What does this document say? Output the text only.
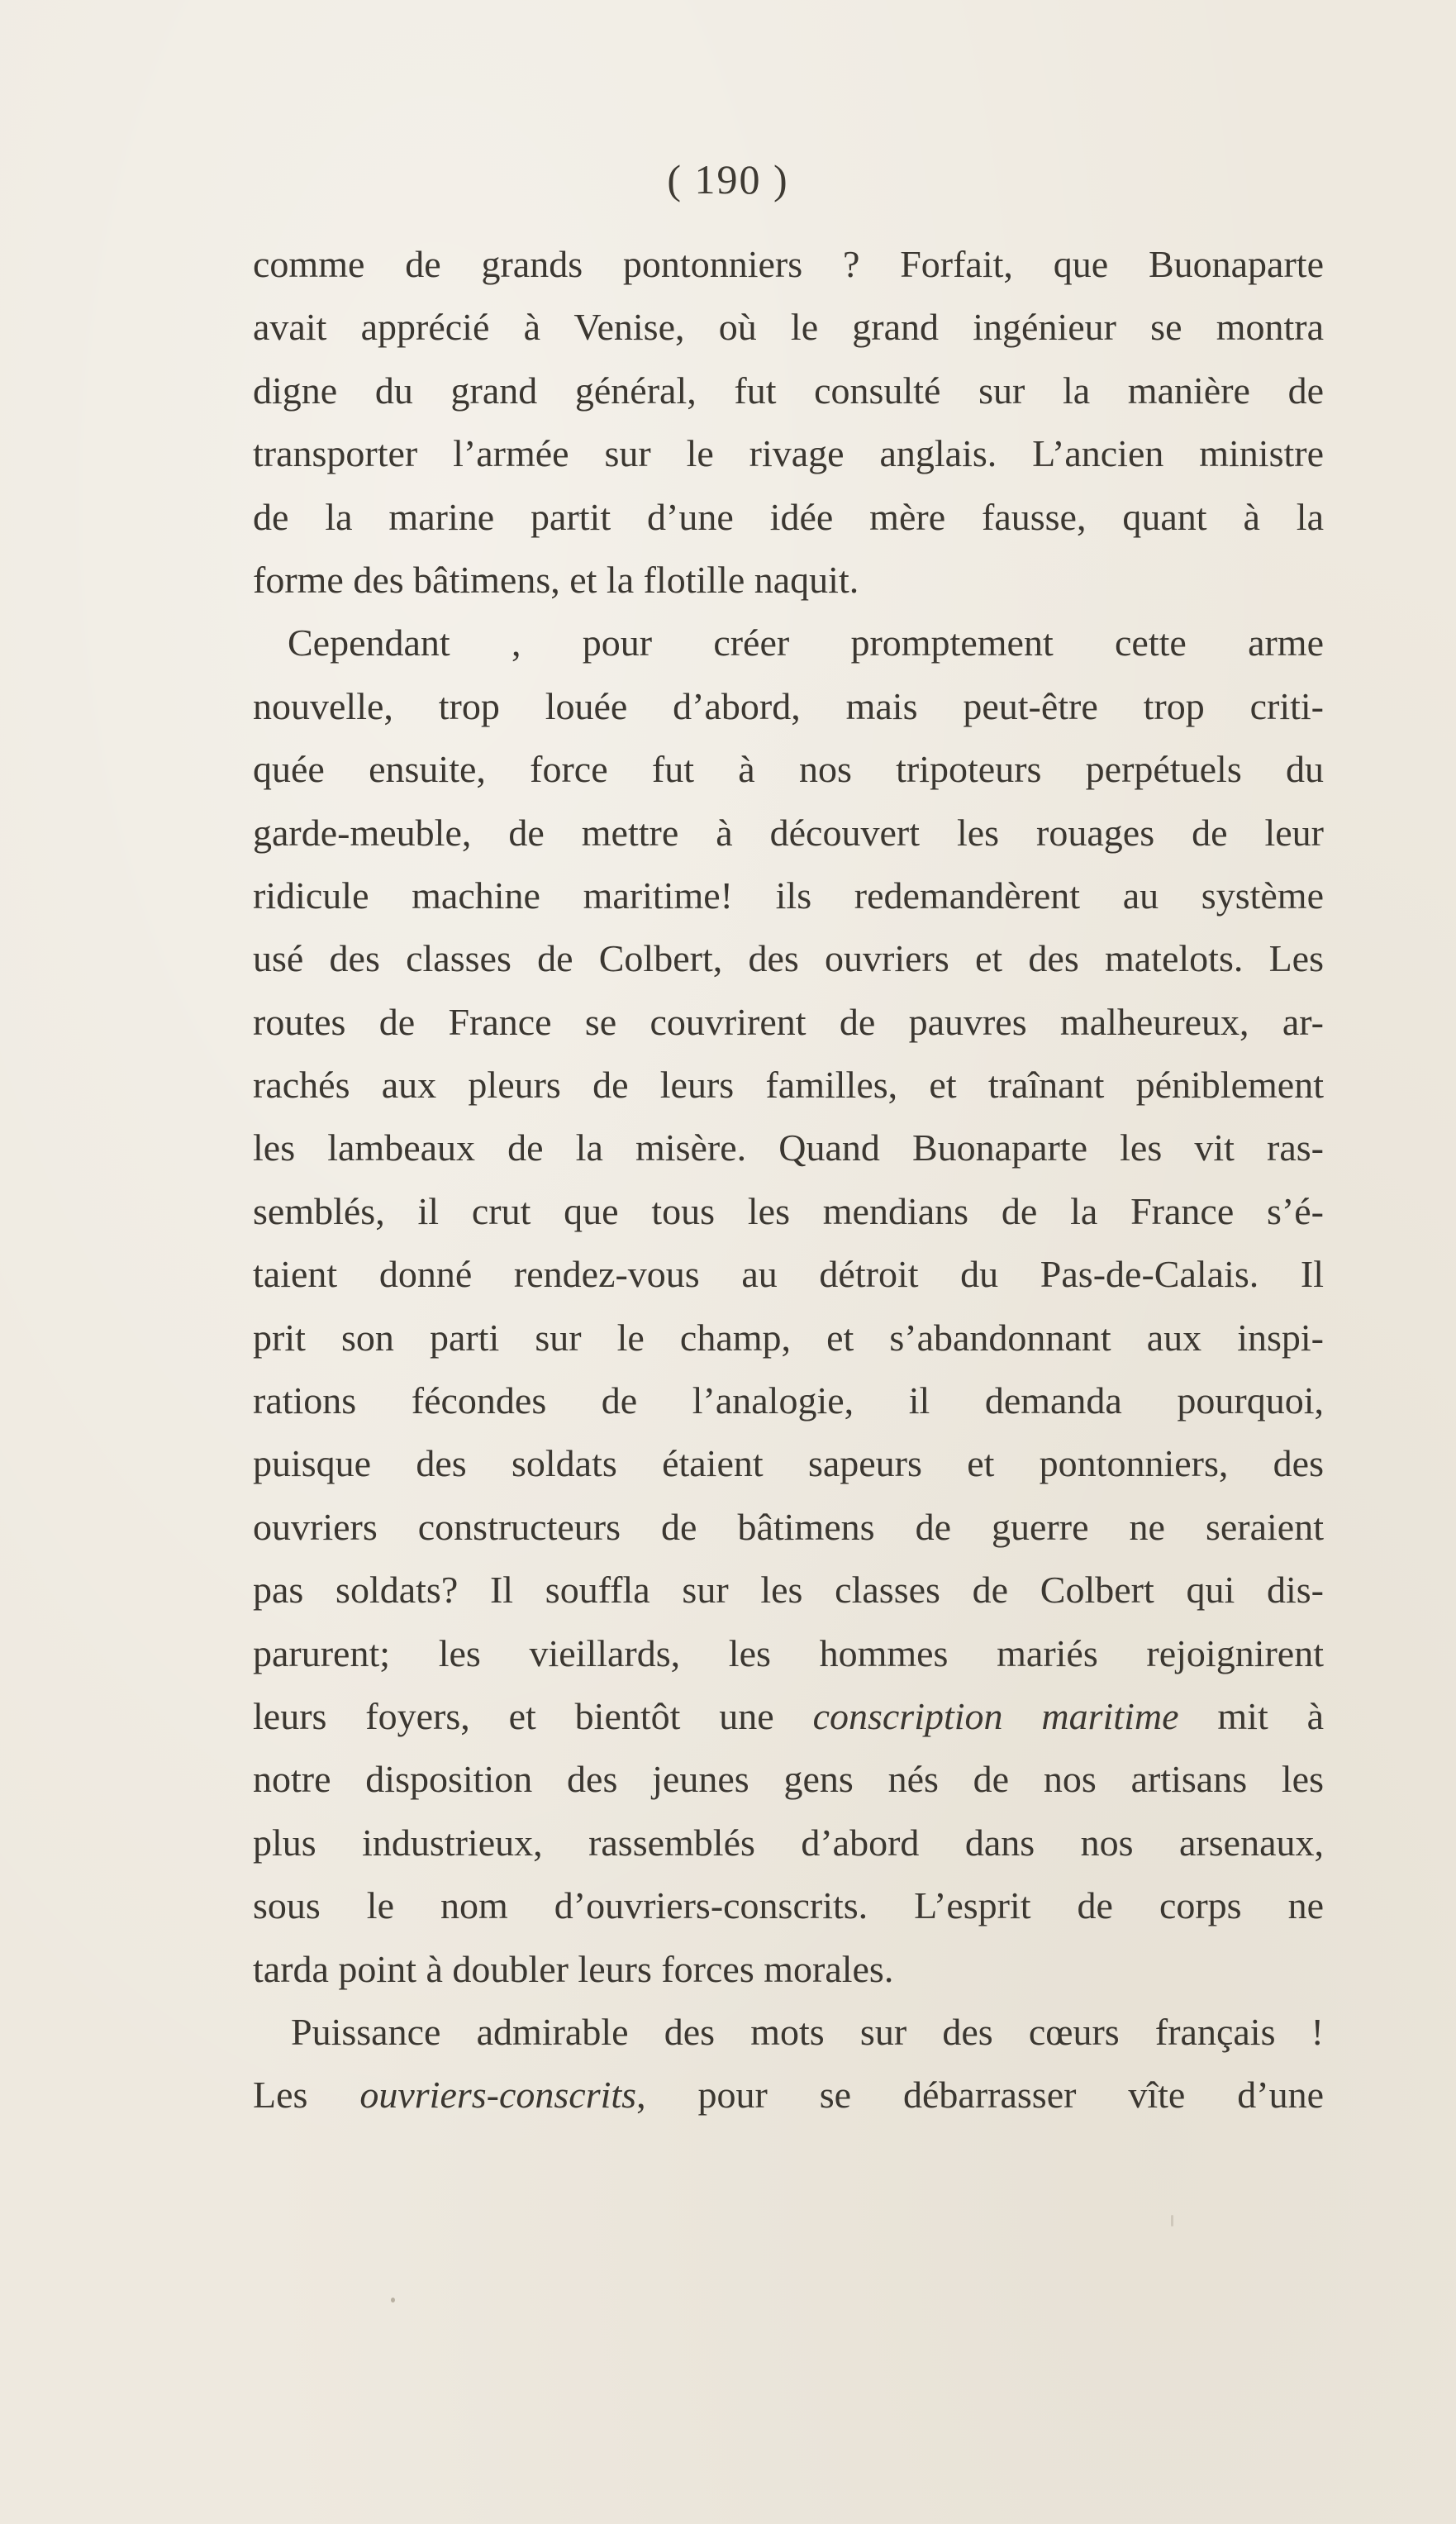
( 190 )
comme de grands pontonniers ? Forfait, que Buonaparte
avait apprécié à Venise, où le grand ingénieur se montra
digne du grand général, fut consulté sur la manière de
transporter l’armée sur le rivage anglais. L’ancien ministre
de la marine partit d’une idée mère fausse, quant à la
forme des bâtimens, et la flotille naquit.
Cependant , pour créer promptement cette arme
nouvelle, trop louée d’abord, mais peut-être trop criti-
quée ensuite, force fut à nos tripoteurs perpétuels du
garde-meuble, de mettre à découvert les rouages de leur
ridicule machine maritime! ils redemandèrent au système
usé des classes de Colbert, des ouvriers et des matelots. Les
routes de France se couvrirent de pauvres malheureux, ar-
rachés aux pleurs de leurs familles, et traînant péniblement
les lambeaux de la misère. Quand Buonaparte les vit ras-
semblés, il crut que tous les mendians de la France s’é-
taient donné rendez-vous au détroit du Pas-de-Calais. Il
prit son parti sur le champ, et s’abandonnant aux inspi-
rations fécondes de l’analogie, il demanda pourquoi,
puisque des soldats étaient sapeurs et pontonniers, des
ouvriers constructeurs de bâtimens de guerre ne seraient
pas soldats? Il souffla sur les classes de Colbert qui dis-
parurent; les vieillards, les hommes mariés rejoignirent
leurs foyers, et bientôt une conscription maritime mit à
notre disposition des jeunes gens nés de nos artisans les
plus industrieux, rassemblés d’abord dans nos arsenaux,
sous le nom d’ouvriers-conscrits. L’esprit de corps ne
tarda point à doubler leurs forces morales.
Puissance admirable des mots sur des cœurs français !
Les ouvriers-conscrits, pour se débarrasser vîte d’une
